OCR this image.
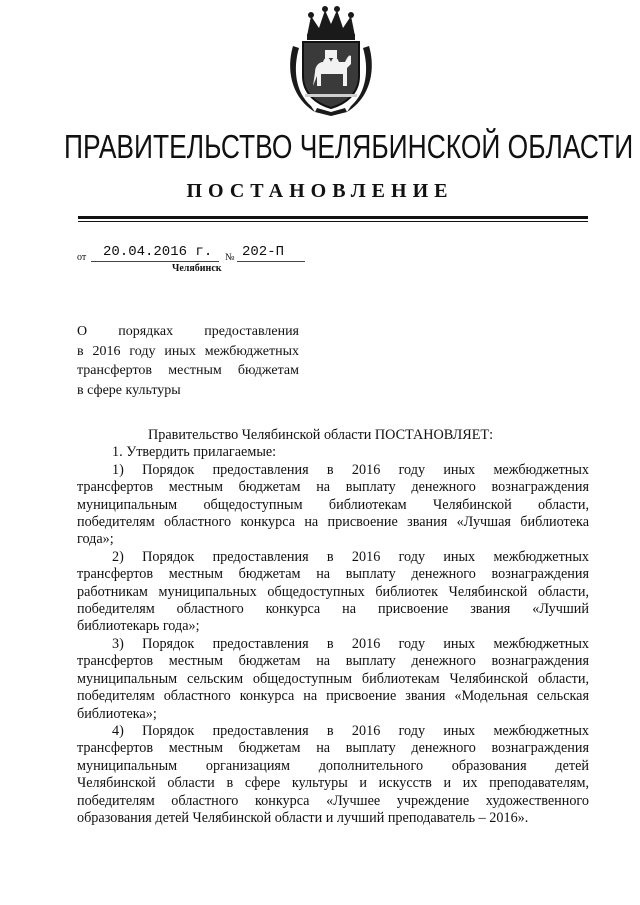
ПРАВИТЕЛЬСТВО ЧЕЛЯБИНСКОЙ ОБЛАСТИ
ПОСТАНОВЛЕНИЕ
от 20.04.2016 г. № 202-П
Челябинск
О порядках предоставления
в 2016 году иных межбюджетных
трансфертов местным бюджетам
в сфере культуры
Правительство Челябинской области ПОСТАНОВЛЯЕТ:
1. Утвердить прилагаемые:
1) Порядок предоставления в 2016 году иных межбюджетных
трансфертов местным бюджетам на выплату денежного вознаграждения
муниципальным общедоступным библиотекам Челябинской области,
победителям областного конкурса на присвоение звания «Лучшая библиотека
года»;
2) Порядок предоставления в 2016 году иных межбюджетных
трансфертов местным бюджетам на выплату денежного вознаграждения
работникам муниципальных общедоступных библиотек Челябинской области,
победителям областного конкурса на присвоение звания «Лучший
библиотекарь года»;
3) Порядок предоставления в 2016 году иных межбюджетных
трансфертов местным бюджетам на выплату денежного вознаграждения
муниципальным сельским общедоступным библиотекам Челябинской области,
победителям областного конкурса на присвоение звания «Модельная сельская
библиотека»;
4) Порядок предоставления в 2016 году иных межбюджетных
трансфертов местным бюджетам на выплату денежного вознаграждения
муниципальным организациям дополнительного образования детей
Челябинской области в сфере культуры и искусств и их преподавателям,
победителям областного конкурса «Лучшее учреждение художественного
образования детей Челябинской области и лучший преподаватель – 2016».
